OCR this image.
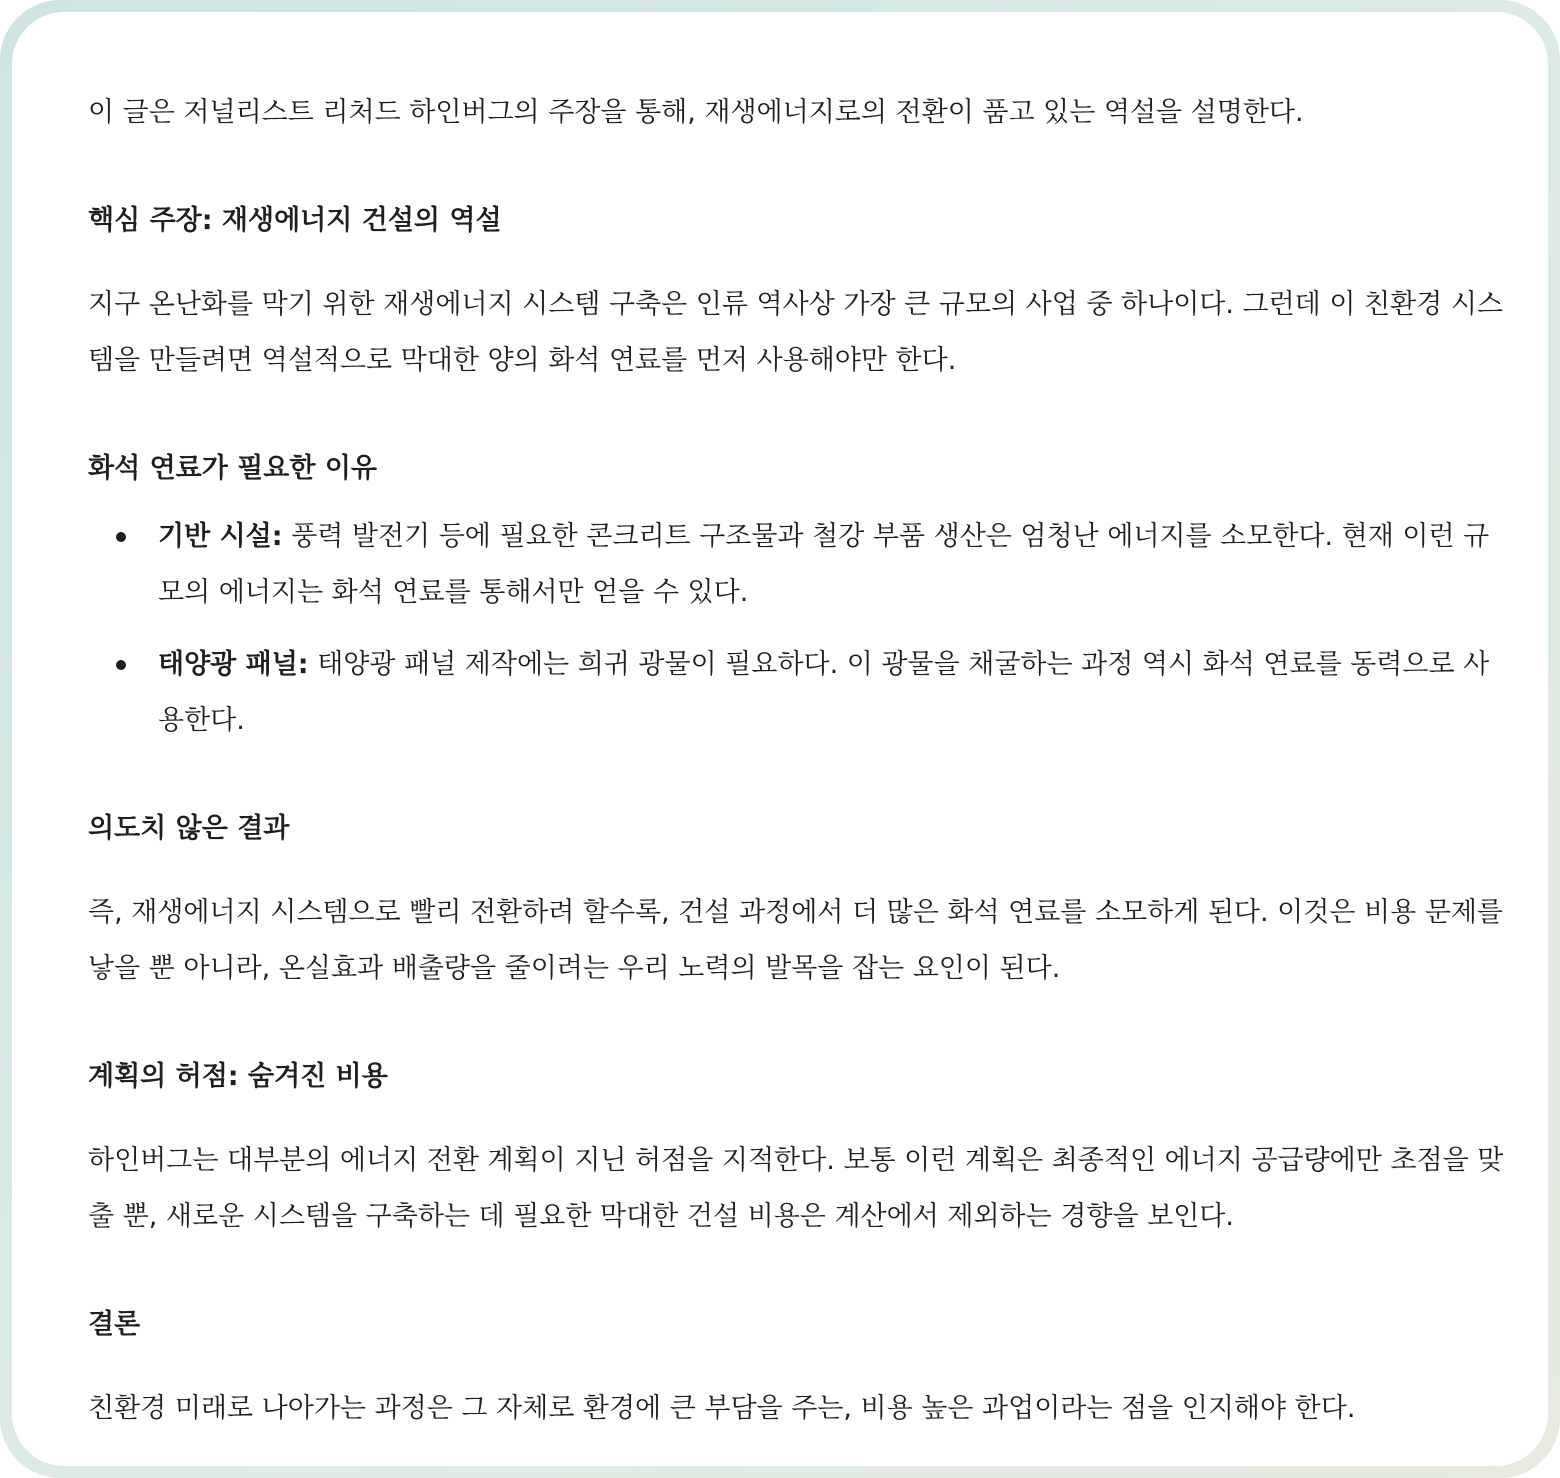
이 글은 저널리스트 리처드 하인버그의 주장을 통해, 재생에너지로의 전환이 품고 있는 역설을 설명한다.

핵심 주장: 재생에너지 건설의 역설

지구 온난화를 막기 위한 재생에너지 시스템 구축은 인류 역사상 가장 큰 규모의 사업 중 하나이다. 그런데 이 친환경 시스템을 만들려면 역설적으로 막대한 양의 화석 연료를 먼저 사용해야만 한다.

화석 연료가 필요한 이유
기반 시설: 풍력 발전기 등에 필요한 콘크리트 구조물과 철강 부품 생산은 엄청난 에너지를 소모한다. 현재 이런 규모의 에너지는 화석 연료를 통해서만 얻을 수 있다.
태양광 패널: 태양광 패널 제작에는 희귀 광물이 필요하다. 이 광물을 채굴하는 과정 역시 화석 연료를 동력으로 사용한다.
의도치 않은 결과

즉, 재생에너지 시스템으로 빨리 전환하려 할수록, 건설 과정에서 더 많은 화석 연료를 소모하게 된다. 이것은 비용 문제를 낳을 뿐 아니라, 온실효과 배출량을 줄이려는 우리 노력의 발목을 잡는 요인이 된다.

계획의 허점: 숨겨진 비용

하인버그는 대부분의 에너지 전환 계획이 지닌 허점을 지적한다. 보통 이런 계획은 최종적인 에너지 공급량에만 초점을 맞출 뿐, 새로운 시스템을 구축하는 데 필요한 막대한 건설 비용은 계산에서 제외하는 경향을 보인다.

결론

친환경 미래로 나아가는 과정은 그 자체로 환경에 큰 부담을 주는, 비용 높은 과업이라는 점을 인지해야 한다.
